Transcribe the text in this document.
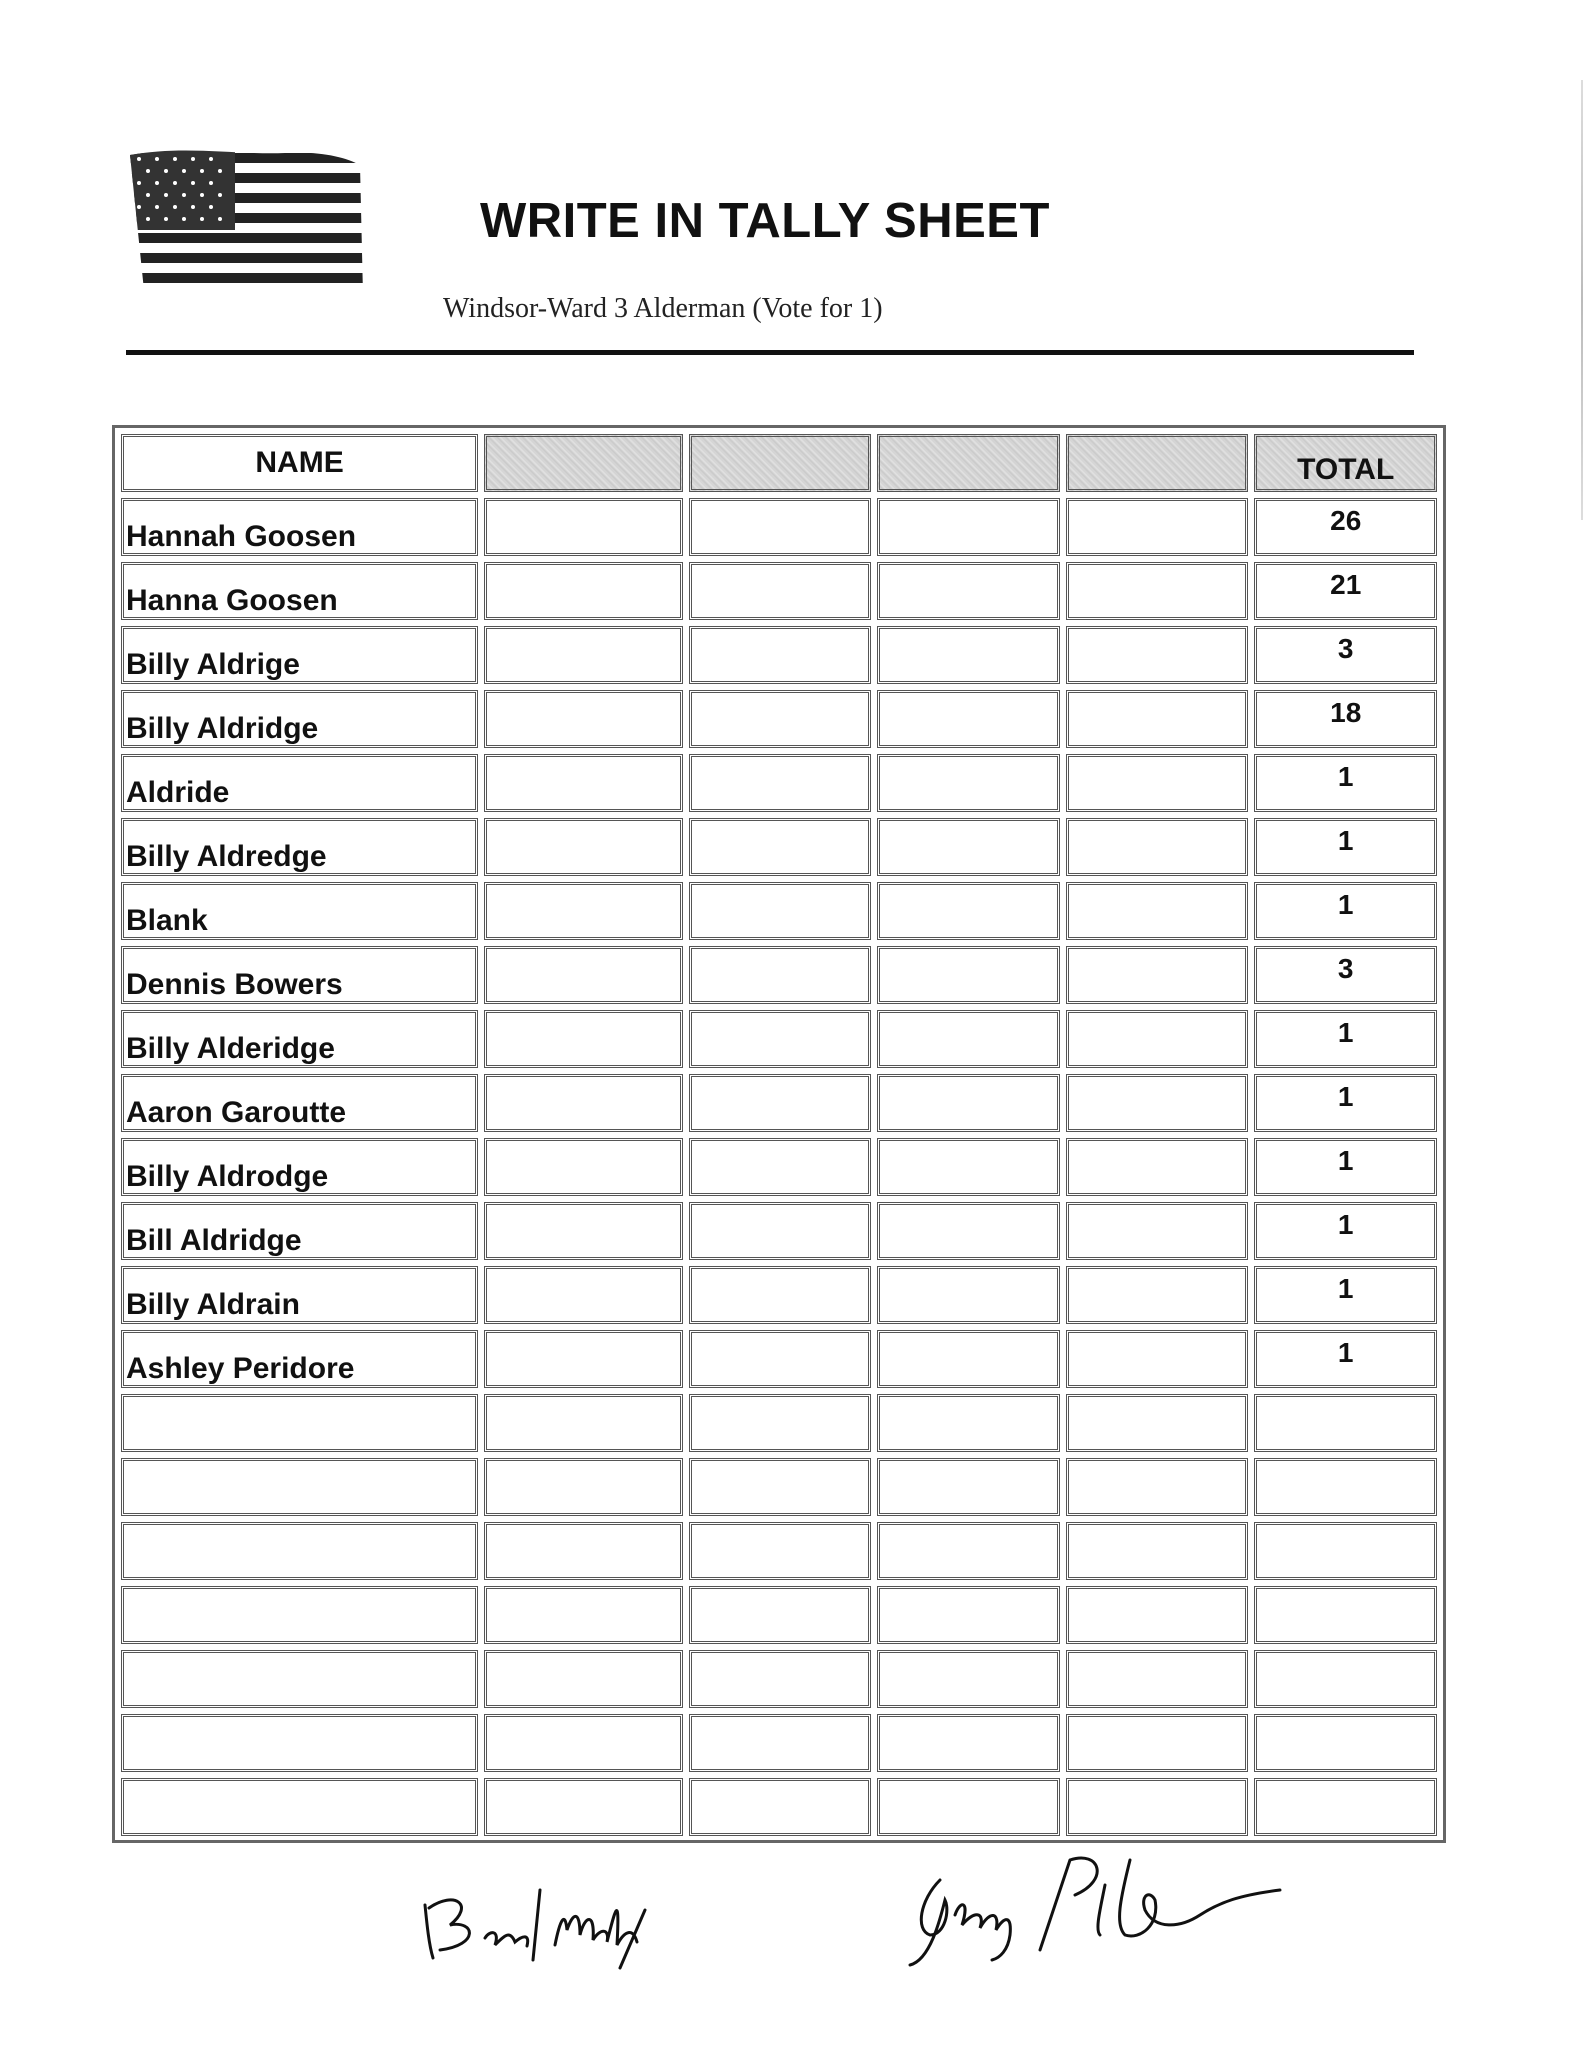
WRITE IN TALLY SHEET
Windsor-Ward 3 Alderman (Vote for 1)
NAME					TOTAL
Hannah Goosen					26
Hanna Goosen					21
Billy Aldrige					3
Billy Aldridge					18
Aldride					1
Billy Aldredge					1
Blank					1
Dennis Bowers					3
Billy Alderidge					1
Aaron Garoutte					1
Billy Aldrodge					1
Bill Aldridge					1
Billy Aldrain					1
Ashley Peridore					1
